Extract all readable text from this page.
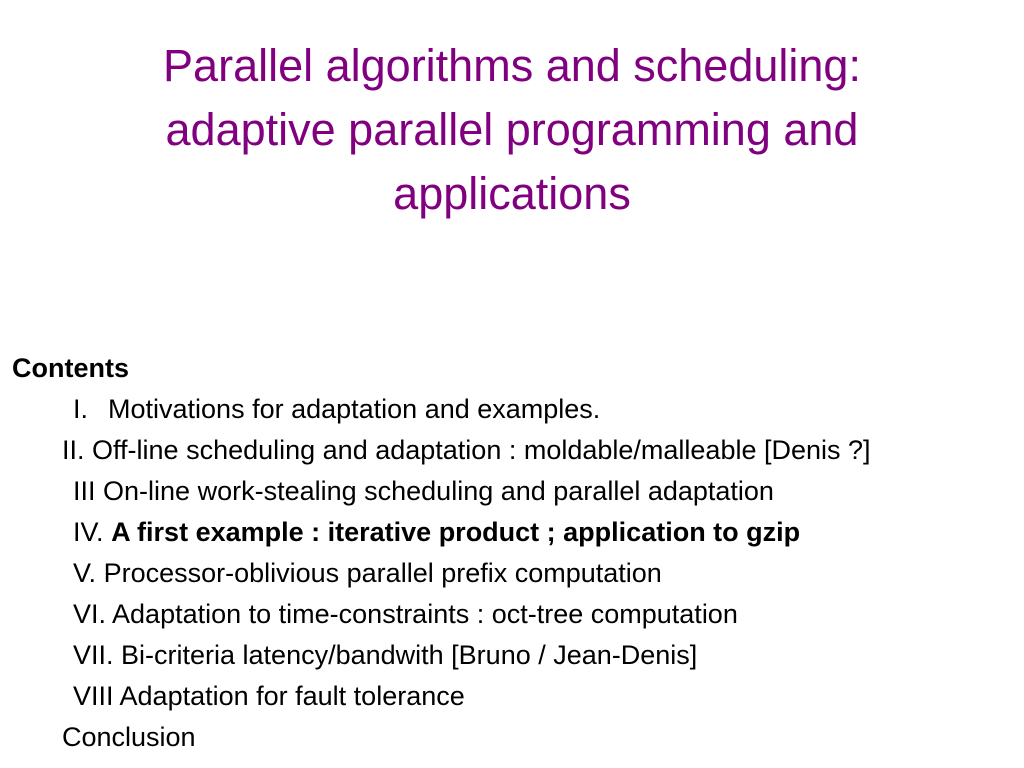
Parallel algorithms and scheduling:
adaptive parallel programming and
applications
Contents
I. Motivations for adaptation and examples.
II. Off-line scheduling and adaptation : moldable/malleable [Denis ?]
III On-line work-stealing scheduling and parallel adaptation
IV. A first example : iterative product ; application to gzip
V. Processor-oblivious parallel prefix computation
VI. Adaptation to time-constraints : oct-tree computation
VII. Bi-criteria latency/bandwith [Bruno / Jean-Denis]
VIII Adaptation for fault tolerance
Conclusion
